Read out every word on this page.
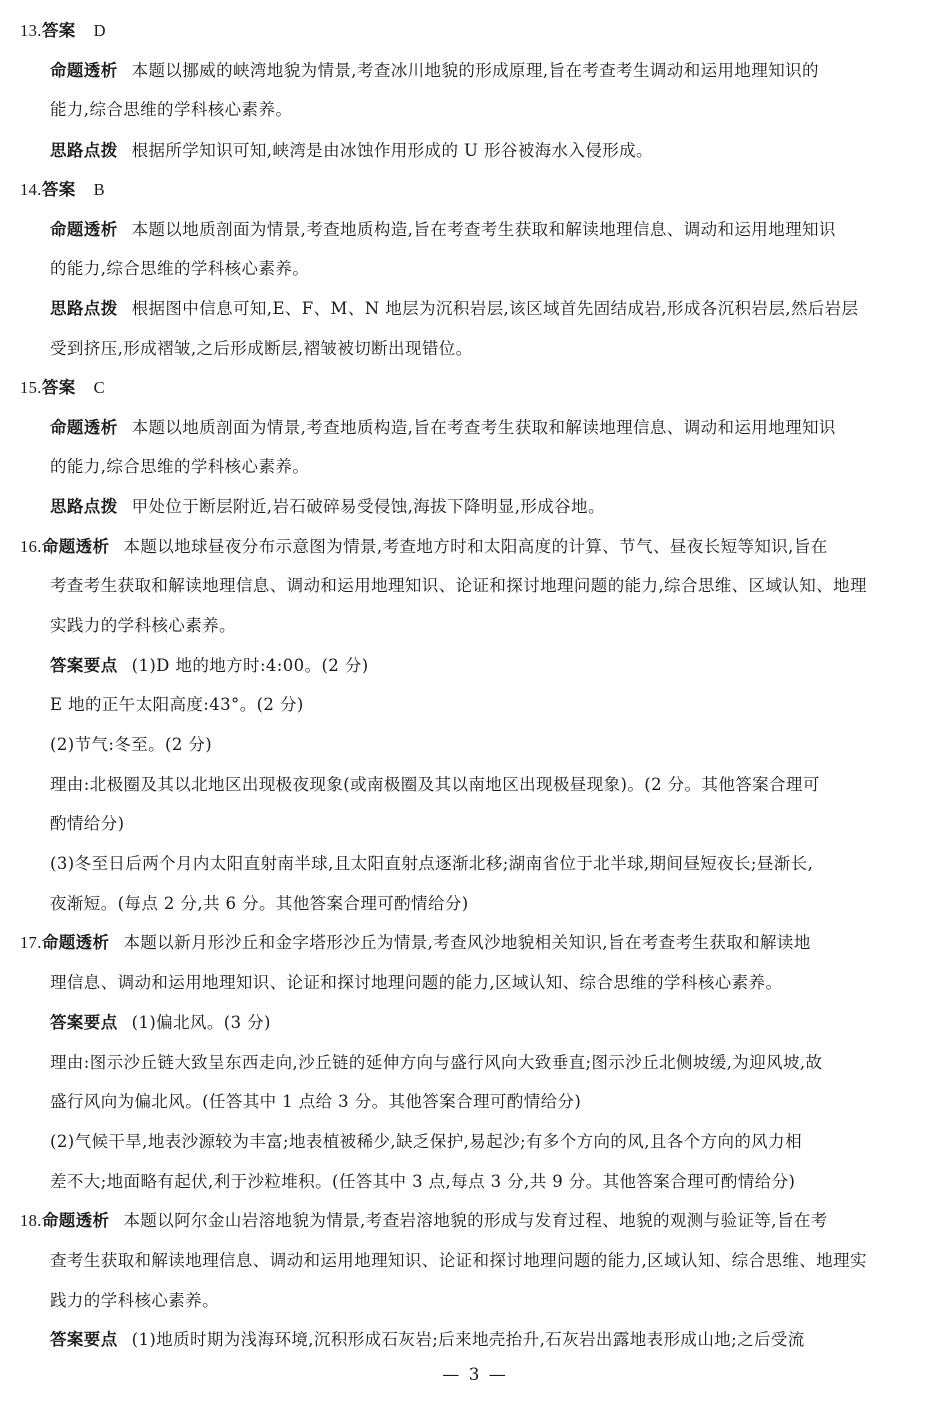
13.答案 D
命题透析 本题以挪威的峡湾地貌为情景,考查冰川地貌的形成原理,旨在考查考生调动和运用地理知识的
能力,综合思维的学科核心素养。
思路点拨 根据所学知识可知,峡湾是由冰蚀作用形成的 U 形谷被海水入侵形成。
14.答案 B
命题透析 本题以地质剖面为情景,考查地质构造,旨在考查考生获取和解读地理信息、调动和运用地理知识
的能力,综合思维的学科核心素养。
思路点拨 根据图中信息可知,E、F、M、N 地层为沉积岩层,该区域首先固结成岩,形成各沉积岩层,然后岩层
受到挤压,形成褶皱,之后形成断层,褶皱被切断出现错位。
15.答案 C
命题透析 本题以地质剖面为情景,考查地质构造,旨在考查考生获取和解读地理信息、调动和运用地理知识
的能力,综合思维的学科核心素养。
思路点拨 甲处位于断层附近,岩石破碎易受侵蚀,海拔下降明显,形成谷地。
16.命题透析 本题以地球昼夜分布示意图为情景,考查地方时和太阳高度的计算、节气、昼夜长短等知识,旨在
考查考生获取和解读地理信息、调动和运用地理知识、论证和探讨地理问题的能力,综合思维、区域认知、地理
实践力的学科核心素养。
答案要点 (1)D 地的地方时:4:00。(2 分)
E 地的正午太阳高度:43°。(2 分)
(2)节气:冬至。(2 分)
理由:北极圈及其以北地区出现极夜现象(或南极圈及其以南地区出现极昼现象)。(2 分。其他答案合理可
酌情给分)
(3)冬至日后两个月内太阳直射南半球,且太阳直射点逐渐北移;湖南省位于北半球,期间昼短夜长;昼渐长,
夜渐短。(每点 2 分,共 6 分。其他答案合理可酌情给分)
17.命题透析 本题以新月形沙丘和金字塔形沙丘为情景,考查风沙地貌相关知识,旨在考查考生获取和解读地
理信息、调动和运用地理知识、论证和探讨地理问题的能力,区域认知、综合思维的学科核心素养。
答案要点 (1)偏北风。(3 分)
理由:图示沙丘链大致呈东西走向,沙丘链的延伸方向与盛行风向大致垂直;图示沙丘北侧坡缓,为迎风坡,故
盛行风向为偏北风。(任答其中 1 点给 3 分。其他答案合理可酌情给分)
(2)气候干旱,地表沙源较为丰富;地表植被稀少,缺乏保护,易起沙;有多个方向的风,且各个方向的风力相
差不大;地面略有起伏,利于沙粒堆积。(任答其中 3 点,每点 3 分,共 9 分。其他答案合理可酌情给分)
18.命题透析 本题以阿尔金山岩溶地貌为情景,考查岩溶地貌的形成与发育过程、地貌的观测与验证等,旨在考
查考生获取和解读地理信息、调动和运用地理知识、论证和探讨地理问题的能力,区域认知、综合思维、地理实
践力的学科核心素养。
答案要点 (1)地质时期为浅海环境,沉积形成石灰岩;后来地壳抬升,石灰岩出露地表形成山地;之后受流
— 3 —
